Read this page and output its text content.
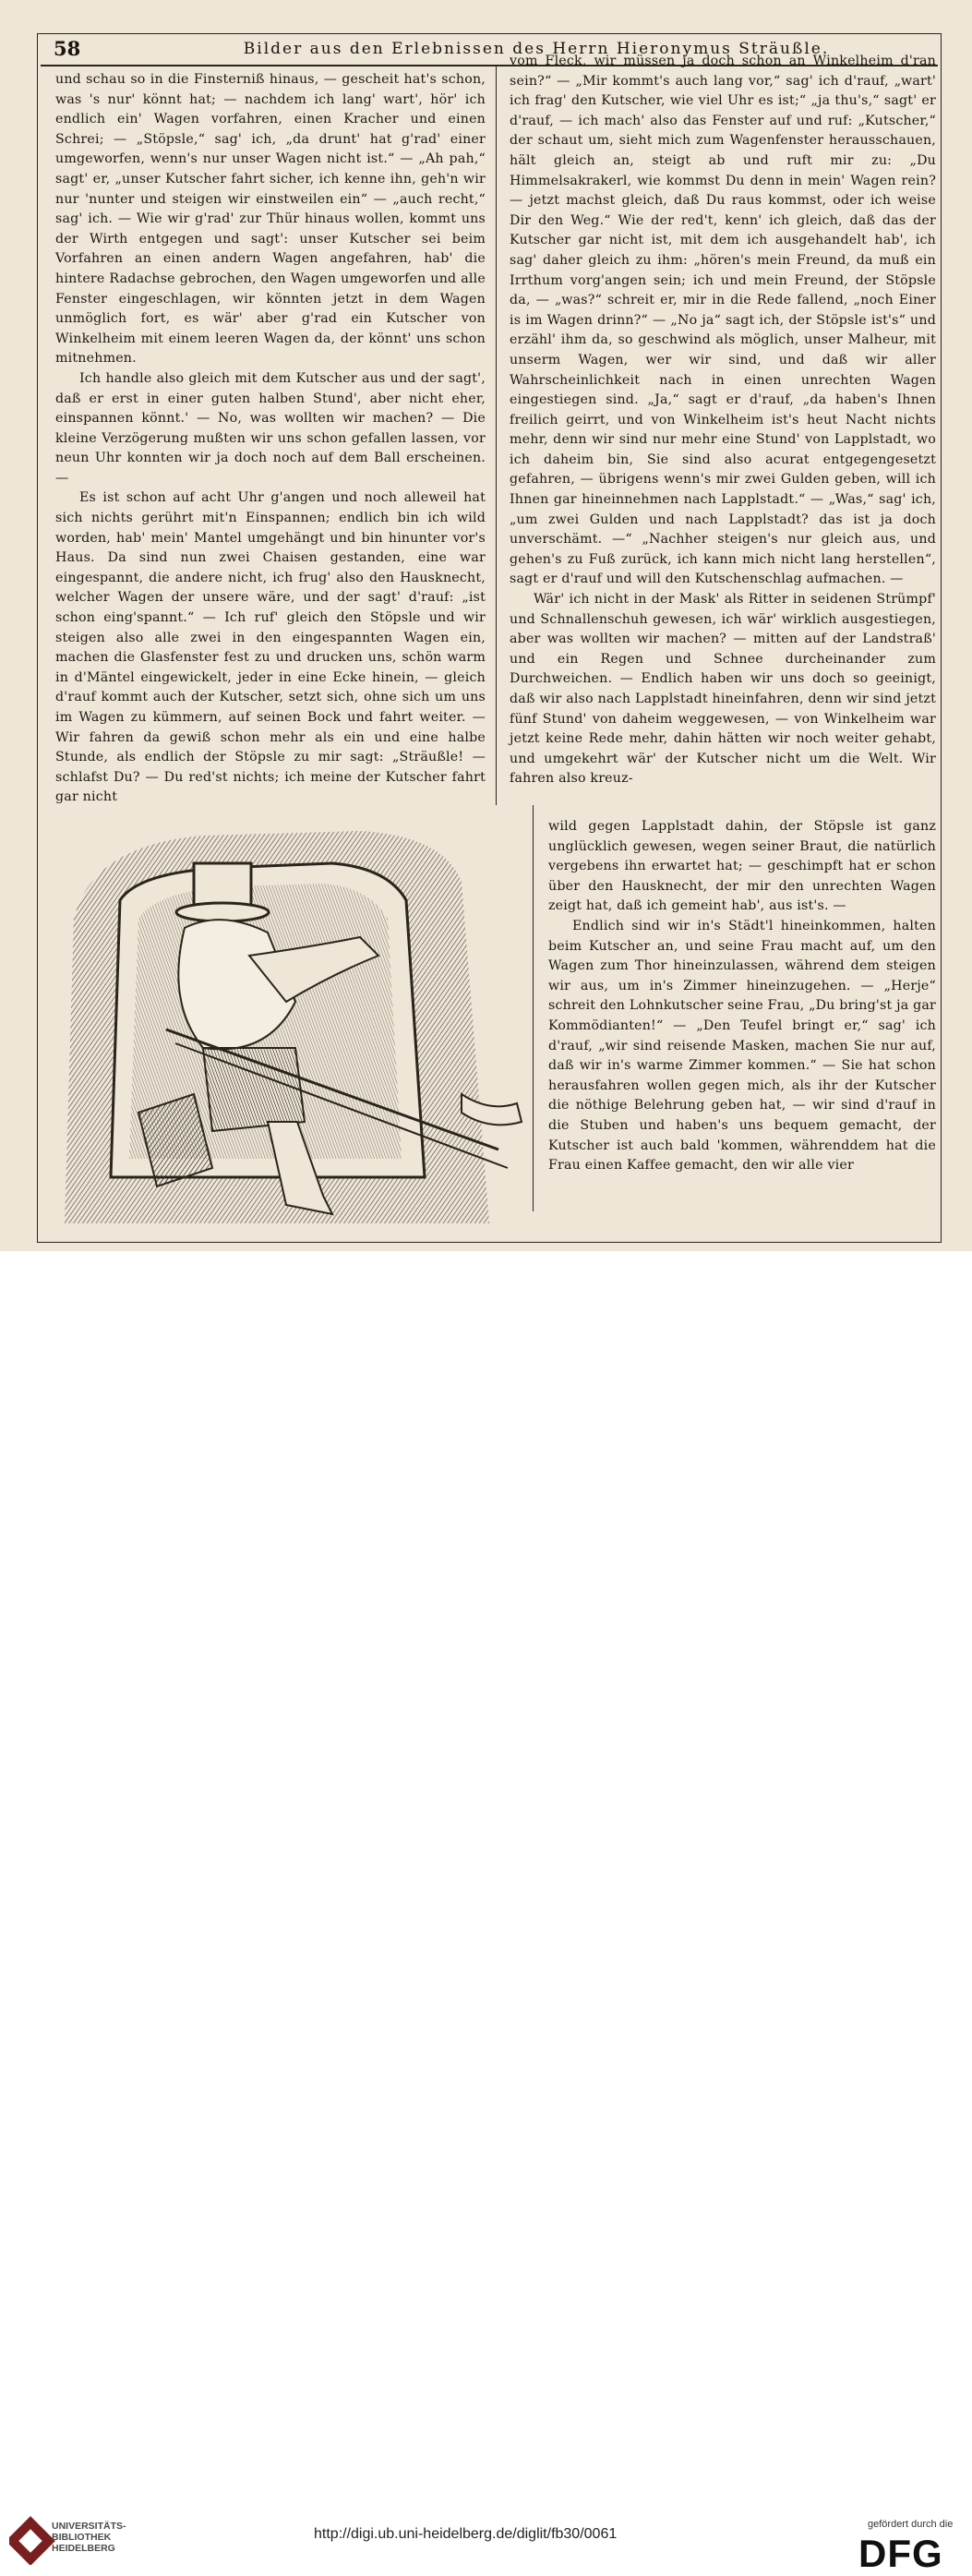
58	Bilder aus den Erlebnissen des Herrn Hieronymus Sträußle.

und schau so in die Finsterniß hinaus, — gescheit hat's schon, was 's nur' könnt hat; — nachdem ich lang' wart', hör' ich endlich ein' Wagen vorfahren, einen Kracher und einen Schrei; — „Stöpsle,“ sag' ich, „da drunt' hat g'rad' einer umgeworfen, wenn's nur unser Wagen nicht ist.“ — „Ah pah,“ sagt' er, „unser Kutscher fahrt sicher, ich kenne ihn, geh'n wir nur 'nunter und steigen wir einstweilen ein“ — „auch recht,“ sag' ich. — Wie wir g'rad' zur Thür hinaus wollen, kommt uns der Wirth entgegen und sagt': unser Kutscher sei beim Vorfahren an einen andern Wagen angefahren, hab' die hintere Radachse gebrochen, den Wagen umgeworfen und alle Fenster eingeschlagen, wir könnten jetzt in dem Wagen unmöglich fort, es wär' aber g'rad ein Kutscher von Winkelheim mit einem leeren Wagen da, der könnt' uns schon mitnehmen.

Ich handle also gleich mit dem Kutscher aus und der sagt', daß er erst in einer guten halben Stund', aber nicht eher, einspannen könnt.' — No, was wollten wir machen? — Die kleine Verzögerung mußten wir uns schon gefallen lassen, vor neun Uhr konnten wir ja doch noch auf dem Ball erscheinen. —

Es ist schon auf acht Uhr g'angen und noch alleweil hat sich nichts gerührt mit'n Einspannen; endlich bin ich wild worden, hab' mein' Mantel umgehängt und bin hinunter vor's Haus. Da sind nun zwei Chaisen gestanden, eine war eingespannt, die andere nicht, ich frug' also den Hausknecht, welcher Wagen der unsere wäre, und der sagt' d'rauf: „ist schon eing'spannt.“ — Ich ruf' gleich den Stöpsle und wir steigen also alle zwei in den eingespannten Wagen ein, machen die Glasfenster fest zu und drucken uns, schön warm in d'Mäntel eingewickelt, jeder in eine Ecke hinein, — gleich d'rauf kommt auch der Kutscher, setzt sich, ohne sich um uns im Wagen zu kümmern, auf seinen Bock und fahrt weiter. — Wir fahren da gewiß schon mehr als ein und eine halbe Stunde, als endlich der Stöpsle zu mir sagt: „Sträußle! — schlafst Du? — Du red'st nichts; ich meine der Kutscher fahrt gar nicht

vom Fleck, wir müssen ja doch schon an Winkelheim d'ran sein?“ — „Mir kommt's auch lang vor,“ sag' ich d'rauf, „wart' ich frag' den Kutscher, wie viel Uhr es ist;“ „ja thu's,“ sagt' er d'rauf, — ich mach' also das Fenster auf und ruf: „Kutscher,“ der schaut um, sieht mich zum Wagenfenster herausschauen, hält gleich an, steigt ab und ruft mir zu: „Du Himmelsakrakerl, wie kommst Du denn in mein' Wagen rein? — jetzt machst gleich, daß Du raus kommst, oder ich weise Dir den Weg.“ Wie der red't, kenn' ich gleich, daß das der Kutscher gar nicht ist, mit dem ich ausgehandelt hab', ich sag' daher gleich zu ihm: „hören's mein Freund, da muß ein Irrthum vorg'angen sein; ich und mein Freund, der Stöpsle da, — „was?“ schreit er, mir in die Rede fallend, „noch Einer is im Wagen drinn?“ — „No ja“ sagt ich, der Stöpsle ist's“ und erzähl' ihm da, so geschwind als möglich, unser Malheur, mit unserm Wagen, wer wir sind, und daß wir aller Wahrscheinlichkeit nach in einen unrechten Wagen eingestiegen sind. „Ja,“ sagt er d'rauf, „da haben's Ihnen freilich geirrt, und von Winkelheim ist's heut Nacht nichts mehr, denn wir sind nur mehr eine Stund' von Lapplstadt, wo ich daheim bin, Sie sind also acurat entgegengesetzt gefahren, — übrigens wenn's mir zwei Gulden geben, will ich Ihnen gar hineinnehmen nach Lapplstadt.“ — „Was,“ sag' ich, „um zwei Gulden und nach Lapplstadt? das ist ja doch unverschämt. —“ „Nachher steigen's nur gleich aus, und gehen's zu Fuß zurück, ich kann mich nicht lang herstellen“, sagt er d'rauf und will den Kutschenschlag aufmachen. —

Wär' ich nicht in der Mask' als Ritter in seidenen Strümpf' und Schnallenschuh gewesen, ich wär' wirklich ausgestiegen, aber was wollten wir machen? — mitten auf der Landstraß' und ein Regen und Schnee durcheinander zum Durchweichen. — Endlich haben wir uns doch so geeinigt, daß wir also nach Lapplstadt hineinfahren, denn wir sind jetzt fünf Stund' von daheim weggewesen, — von Winkelheim war jetzt keine Rede mehr, dahin hätten wir noch weiter gehabt, und umgekehrt wär' der Kutscher nicht um die Welt. Wir fahren also kreuz-

wild gegen Lapplstadt dahin, der Stöpsle ist ganz unglücklich gewesen, wegen seiner Braut, die natürlich vergebens ihn erwartet hat; — geschimpft hat er schon über den Hausknecht, der mir den unrechten Wagen zeigt hat, daß ich gemeint hab', aus ist's. —

Endlich sind wir in's Städt'l hineinkommen, halten beim Kutscher an, und seine Frau macht auf, um den Wagen zum Thor hineinzulassen, während dem steigen wir aus, um in's Zimmer hineinzugehen. — „Herje“ schreit den Lohnkutscher seine Frau, „Du bring'st ja gar Kommödianten!“ — „Den Teufel bringt er,“ sag' ich d'rauf, „wir sind reisende Masken, machen Sie nur auf, daß wir in's warme Zimmer kommen.“ — Sie hat schon herausfahren wollen gegen mich, als ihr der Kutscher die nöthige Belehrung geben hat, — wir sind d'rauf in die Stuben und haben's uns bequem gemacht, der Kutscher ist auch bald 'kommen, währenddem hat die Frau einen Kaffee gemacht, den wir alle vier

UNIVERSITÄTS-
BIBLIOTHEK
HEIDELBERG
http://digi.ub.uni-heidelberg.de/diglit/fb30/0061
gefördert durch die
DFG
